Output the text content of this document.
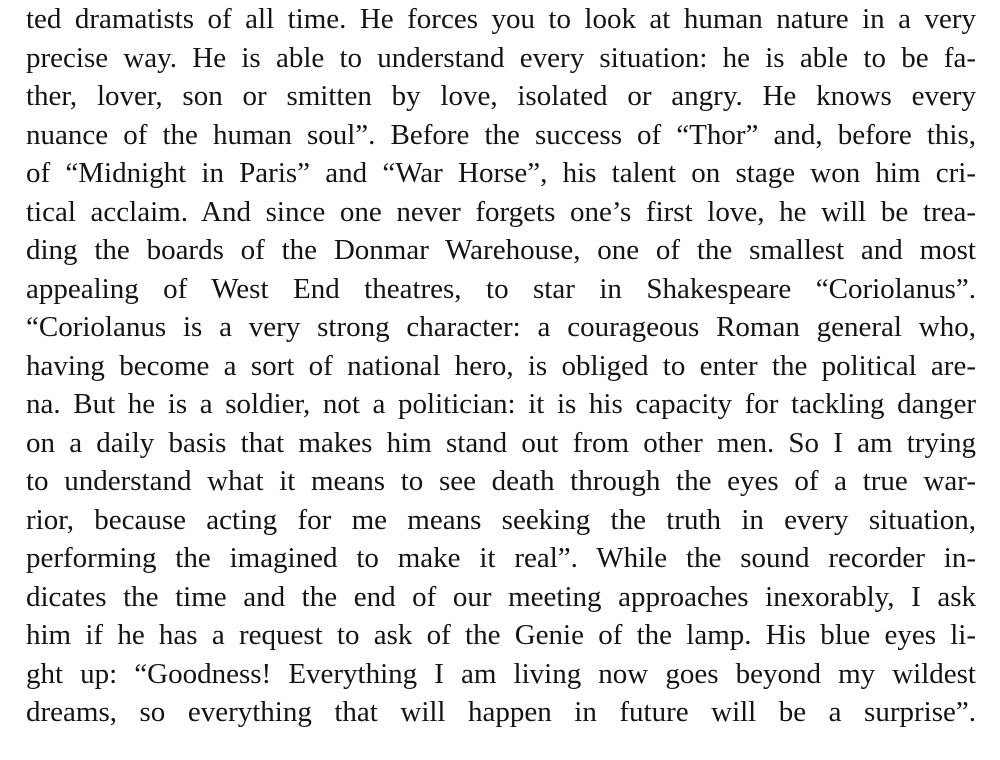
ted dramatists of all time. He forces you to look at human nature in a very
precise way. He is able to understand every situation: he is able to be fa-
ther, lover, son or smitten by love, isolated or angry. He knows every
nuance of the human soul”. Before the success of “Thor” and, before this,
of “Midnight in Paris” and “War Horse”, his talent on stage won him cri-
tical acclaim. And since one never forgets one’s first love, he will be trea-
ding the boards of the Donmar Warehouse, one of the smallest and most
appealing of West End theatres, to star in Shakespeare “Coriolanus”.
“Coriolanus is a very strong character: a courageous Roman general who,
having become a sort of national hero, is obliged to enter the political are-
na. But he is a soldier, not a politician: it is his capacity for tackling danger
on a daily basis that makes him stand out from other men. So I am trying
to understand what it means to see death through the eyes of a true war-
rior, because acting for me means seeking the truth in every situation,
performing the imagined to make it real”. While the sound recorder in-
dicates the time and the end of our meeting approaches inexorably, I ask
him if he has a request to ask of the Genie of the lamp. His blue eyes li-
ght up: “Goodness! Everything I am living now goes beyond my wildest
dreams, so everything that will happen in future will be a surprise”.
